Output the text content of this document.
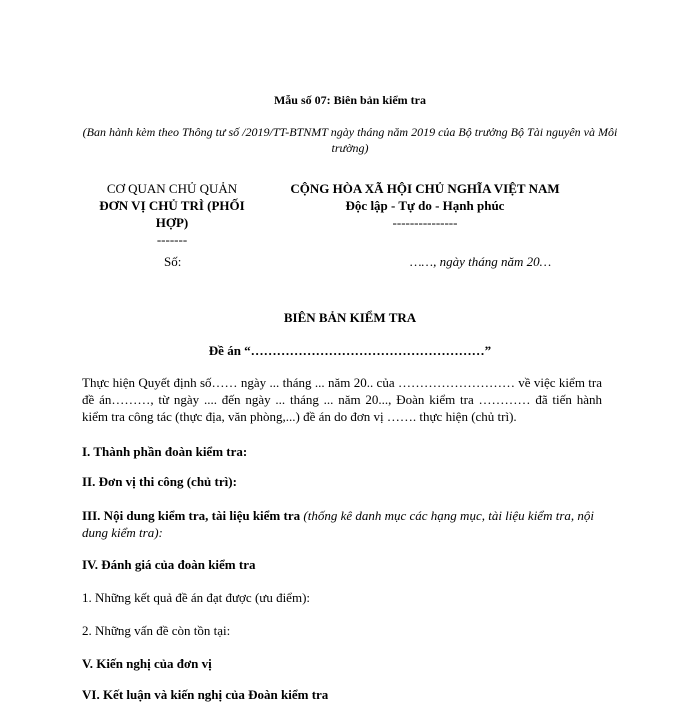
Mẫu số 07: Biên bản kiểm tra
(Ban hành kèm theo Thông tư số /2019/TT-BTNMT ngày tháng năm 2019 của Bộ trưởng Bộ Tài nguyên và Môi trường)
CƠ QUAN CHỦ QUẢN
ĐƠN VỊ CHỦ TRÌ (PHỐI HỢP)
-------
CỘNG HÒA XÃ HỘI CHỦ NGHĨA VIỆT NAM
Độc lập - Tự do - Hạnh phúc
---------------
Số:	……, ngày tháng năm 20…
BIÊN BẢN KIỂM TRA
Đề án “………………………………………………”
Thực hiện Quyết định số…… ngày ... tháng ... năm 20.. của ……………………… về việc kiểm tra đề án………, từ ngày .... đến ngày ... tháng ... năm 20..., Đoàn kiểm tra ………… đã tiến hành kiểm tra công tác (thực địa, văn phòng,...) đề án do đơn vị ……. thực hiện (chủ trì).
I. Thành phần đoàn kiểm tra:
II. Đơn vị thi công (chủ trì):
III. Nội dung kiểm tra, tài liệu kiểm tra (thống kê danh mục các hạng mục, tài liệu kiểm tra, nội dung kiểm tra):
IV. Đánh giá của đoàn kiểm tra
1. Những kết quả đề án đạt được (ưu điểm):
2. Những vấn đề còn tồn tại:
V. Kiến nghị của đơn vị
VI. Kết luận và kiến nghị của Đoàn kiểm tra
